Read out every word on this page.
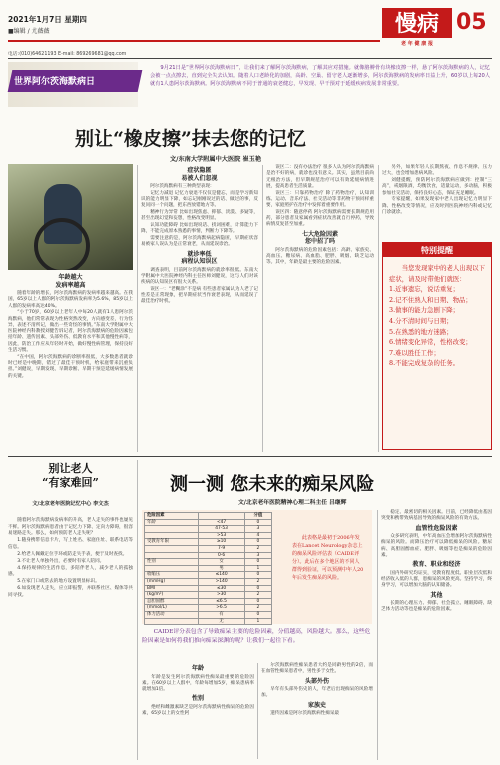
2021年1月7日 星期四
■编辑 / 尤薇薇	慢病
老 年 健 康 报
05
电话:(010)64621193 E-mail: 869269681@qq.com
世界阿尔茨海默病日
9月21日是“世界阿尔茨海默病日”，让我们来了解阿尔茨海默病，了解其应对措施。就像胳膊骨有块橡皮擦一样，悬了阿尔茨海默病的人，记忆会被一点点擦去，直到完全失去认知。随着人口老龄化的加剧，高龄、空巢、留守老人逐渐增多，阿尔茨海默病的发病率日益上升，60岁以上每20人就有1人患阿尔茨海默病。阿尔茨海默病不同于普通的衰老健忘，早发现、早干预对于延缓疾病发展非常重要。
别让“橡皮擦”抹去您的记忆
文/东南大学附属中大医院 崔玉艳
年龄越大
发病率越高

随着年龄的增长，阿尔茨海默病的发病率越来越高。在我国，65岁以上人群的阿尔茨海默病发病率为5.6%，85岁以上人群的发病率高达40%。

“小于70岁，60岁以上老年人中每20人就有1人患阿尔茨海默病，他们常常表现为性格突然改变，方向感变差，行为怪异，表述不清所记，做出一些奇怪的事情。”东南大学附属中大医院神经内科教授刘健告诉记者，阿尔茨海默病的危险因素包括年龄、遗传因素、头部外伤、低教育水平和其他慢性病等，因此，防治工作应从年轻时开始，做好慢性病管理，保持良好生活习惯。

“在中国，阿尔茨海默病的诊断率很低，大多数患者就诊时已经是中晚期，错过了最佳干预时机，给家庭带来沉重负担。”刘健说，早期发现、早期诊断、早期干预是延缓病情发展的关键。

症状隐匿
易被人们忽视

阿尔茨海默病有三种典型表现：

记忆力减退 记忆力衰退不仅仅是健忘，而是学习新知识的能力明显下降，如忘记刚刚说过的话、做过的事，反复问同一个问题，把东西放错地方等。

精神行为异常 比如出现焦虑、抑郁、淡漠、多疑等，甚至出现幻觉和妄想，性格改变明显。

认知功能障碍 比如出现说话、找词困难，计算能力下降，不能完成原本熟悉的事情，判断力下降等。

需要注意的是，阿尔茨海默病起病隐匿，早期症状容易被家人误认为是正常衰老，从而延误诊治。

就诊率低
病程认知误区

调查表明，目前阿尔茨海默病的就诊率很低。东南大学附属中大医院神经内科主任医师刘健说，这与人们对该疾病的认知误区有很大关系。

误区一：“老糊涂”不是病 有些患者家属认为人老了记性差是正常现象，把早期症状当作衰老表现，从而延误了最佳治疗时机。

误区二：没有办法治疗 很多人认为阿尔茨海默病是治不好的病，就诊也没有意义。其实，虽然目前尚无根治方法，但早期规范治疗可以有效延缓病情进展，提高患者生活质量。

误区三：只靠药物治疗 除了药物治疗，认知训练、运动、音乐疗法、社交活动等非药物干预同样重要，家庭照护在治疗中发挥着重要作用。

误区四：随意停药 阿尔茨海默病需要长期规范用药，部分患者及家属看到症状改善就自行停药，导致病情反复甚至加重。

七大危险因素
您中招了吗

阿尔茨海默病的危险因素包括：高龄、家族史、高血压、糖尿病、高血脂、肥胖、吸烟、缺乏运动等。其中，年龄是最主要的危险因素。

另外，如果年轻人长期熬夜、作息不规律、压力过大，也会增加患病风险。

刘健提醒，预防阿尔茨海默病应做到：控制“三高”，戒烟限酒，均衡饮食，适量运动，多动脑，积极参加社交活动，保持良好心态，保证充足睡眠。

专家提醒，如果发现家中老人出现记忆力明显下降、性格改变等情况，应及时到医院神经内科或记忆门诊就诊。

特别提醒
当您发现家中的老人出现以下症状，请及时带他们就医：
1.近事遗忘，说话重复；
2.记不住熟人和日期、物品；
3.做事的能力急剧下降；
4.分不清时间与日期；
5.在熟悉的地方迷路；
6.情绪变化异常，性格改变；
7.难以胜任工作；
8.不能完成复杂的任务。
别让老人
“有家难回”
文/北京老年医院记忆中心 李文杰

随着阿尔茨海默病发病率的升高，老人走失的事件也屡见不鲜。阿尔茨海默病患者由于记忆力下降、定向力障碍，很容易迷路走失。那么，如何预防老人走失呢？

1.随身携带信息卡片，写上姓名、家庭住址、联系电话等信息。

2.给老人佩戴定位手环或防走失手表，便于及时查找。

3.不让老人单独外出，必要时有家人陪同。

4.保持规律的生活作息，多陪伴老人，减少老人的孤独感。

5.在家门口或常去的地方设置明显标识。

6.如发现老人走失，应立即报警，并联系社区、媒体等共同寻找。

测一测 您未来的痴呆风险
文/北京老年医院精神心理二科主任 吕继辉
危险因素		分值
年龄	<47	0
	47-53	3
	>53	4
受教育年限	≥10	0
	7-9	2
	0-6	3
性别	女	0
	男	1
收缩压	≤140	0
(mmHg)	>140	2
BMI	≤30	0
(kg/m²)	>30	2
总胆固醇	≤6.5	0
(mmol/L)	>6.5	2
体力活动	有	0
	无	1
此表格是最初于2006年发表在Lancet Neurology杂志上的痴呆风险评估表（CAIDE评分）。此后在多个地区的不同人群得到验证，可以预测中年人20年后发生痴呆的风险。
CAIDE评分表包含了导致痴呆主要的危险因素，分值越高，风险越大。那么，这些危险因素是如何将我们推向痴呆深渊的呢？让我们一起往下看。
年龄

年龄是发生阿尔茨海默病性痴呆最重要的危险因素。在60岁以上人群中，年龄每增加5岁，痴呆患病率就增加1倍。

性别

绝经和雌激素缺乏是阿尔茨海默病性痴呆的危险因素，65岁以上的女性阿

尔茨海默病性痴呆患者大约是同龄男性的2倍，而在血管性痴呆患者中，男性多于女性。

头部外伤

早年有头部外伤史的人，年老后出现痴呆的风险增加。

家族史

遗传因素是阿尔茨海默病性痴呆最

稳定、最密切的相关因素。目前，已经降低由基因突变和携带致病基因导致的痴呆风险的有效方法。

血管性危险因素

众多研究表明，中年高血压会增加阿尔茨海默病性痴呆的风险。而降压治疗可以降低痴呆的风险。糖尿病、高胆固醇血症、肥胖、吸烟等也是痴呆的危险因素。

教育、职业和经济

国内外研究均证实，受教育程度低、职业层次低和经济收入低的人群，患痴呆的风险更高。坚持学习，终身学习，可以增加大脑的认知储备。

其他

长期的心理压力、抑郁、社会孤立、睡眠障碍、缺乏体力活动等也是痴呆的危险因素。
